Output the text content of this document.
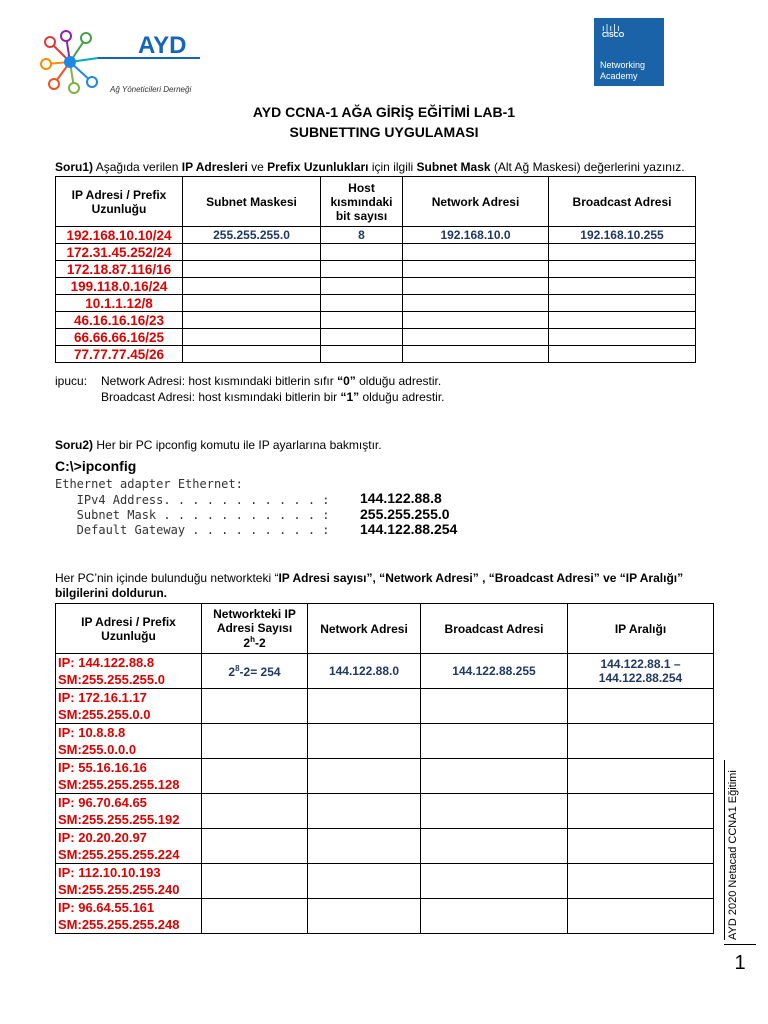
AYD
Ağ Yöneticileri Derneği
ı|ı|ı
CISCO
Networking
Academy
AYD CCNA-1 AĞA GİRİŞ EĞİTİMİ LAB-1
SUBNETTING UYGULAMASI
Soru1) Aşağıda verilen IP Adresleri ve Prefix Uzunlukları için ilgili Subnet Mask (Alt Ağ Maskesi) değerlerini yazınız.
IP Adresi / Prefix Uzunluğu	Subnet Maskesi	Host kısmındaki bit sayısı	Network Adresi	Broadcast Adresi
192.168.10.10/24	255.255.255.0	8	192.168.10.0	192.168.10.255
172.31.45.252/24				
172.18.87.116/16				
199.118.0.16/24				
10.1.1.12/8				
46.16.16.16/23				
66.66.66.16/25				
77.77.77.45/26				
ipucu: Network Adresi: host kısmındaki bitlerin sıfır “0” olduğu adrestir.
Broadcast Adresi: host kısmındaki bitlerin bir “1” olduğu adrestir.
Soru2) Her bir PC ipconfig komutu ile IP ayarlarına bakmıştır.
C:\>ipconfig
Ethernet adapter Ethernet:
IPv4 Address. . . . . . . . . . . : 144.122.88.8
Subnet Mask . . . . . . . . . . . : 255.255.255.0
Default Gateway . . . . . . . . . : 144.122.88.254
Her PC’nin içinde bulunduğu networkteki “IP Adresi sayısı”, “Network Adresi” , “Broadcast Adresi” ve “IP Aralığı” bilgilerini doldurun.
IP Adresi / Prefix Uzunluğu	Networkteki IP Adresi Sayısı
2$^h$-2	Network Adresi	Broadcast Adresi	IP Aralığı
IP: 144.122.88.8
SM:255.255.255.0	$2^8-2= 254$	144.122.88.0	144.122.88.255	144.122.88.1 –
144.122.88.254
IP: 172.16.1.17
SM:255.255.0.0				
IP: 10.8.8.8
SM:255.0.0.0				
IP: 55.16.16.16
SM:255.255.255.128				
IP: 96.70.64.65
SM:255.255.255.192				
IP: 20.20.20.97
SM:255.255.255.224				
IP: 112.10.10.193
SM:255.255.255.240				
IP: 96.64.55.161
SM:255.255.255.248					AYD 2020 Netacad CCNA1 Eğitimi
1
